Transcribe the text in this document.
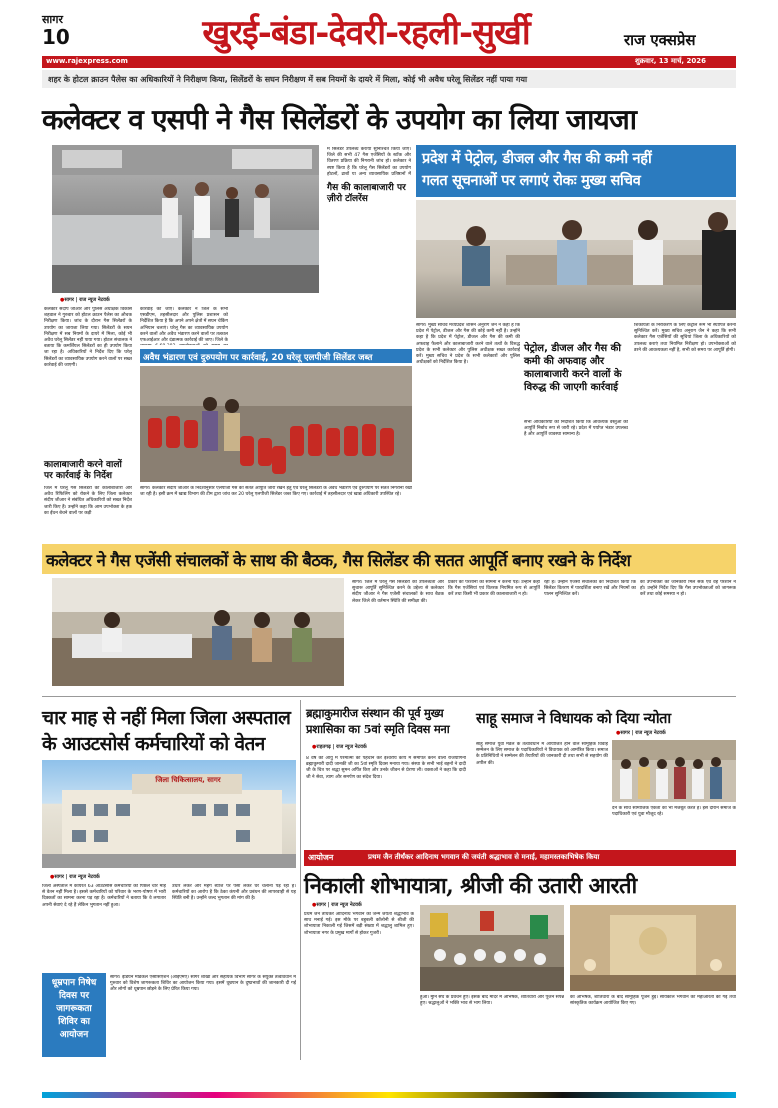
सागर
10	खुरई-बंडा-देवरी-रहली-सुर्खी	राज एक्सप्रेस
www.rajexpress.com	शुक्रवार, 13 मार्च, 2026
शहर के होटल क्राउन पैलेस का अधिकारियों ने निरीक्षण किया, सिलेंडरों के सघन निरीक्षण में सब नियमों के दायरे में मिला, कोई भी अवैध घरेलू सिलेंडर नहीं पाया गया
कलेक्टर व एसपी ने गैस सिलेंडरों के उपयोग का लिया जायजा
● सागर | राज न्यूज नेटवर्क
कलेक्टर संदीप जीआर और पुलिस अधीक्षक विकास शहवाल ने गुरुवार को होटल क्राउन पैलेस का औचक निरीक्षण किया। जांच के दौरान गैस सिलेंडरों के उपयोग का जायजा लिया गया। सिलेंडरों के सघन निरीक्षण में सब नियमों के दायरे में मिला, कोई भी अवैध घरेलू सिलेंडर नहीं पाया गया। होटल संचालक ने बताया कि कमर्शियल सिलेंडरों का ही उपयोग किया जा रहा है। अधिकारियों ने निर्देश दिए कि घरेलू सिलेंडरों का व्यावसायिक उपयोग करने वालों पर सख्त कार्रवाई की जाएगी।
कार्रवाई की जाए। कलेक्टर ने जिले के सभी एसडीएम, तहसीलदार और पुलिस प्रशासन को निर्देशित किया है कि अपने अपने क्षेत्रों में सघन चेकिंग अभियान चलाएं। घरेलू गैस का व्यावसायिक उपयोग करने वालों और अवैध भंडारण करने वालों पर तत्काल एफआईआर और दंडात्मक कार्रवाई की जाए। जिले के
में सिलेंडर उपलब्ध कराया सुनिश्चित किया जाए। जिले की सभी 47 गैस एजेंसियों के स्टॉक और वितरण प्रक्रिया की निगरानी जांच हो। कलेक्टर ने स्पष्ट किया है कि घरेलू गैस सिलेंडरों का उपयोग होटलों, ढाबों या अन्य व्यावसायिक प्रतिष्ठानों में
गैस की कालाबाजारी पर ज़ीरो टॉलरेंस
कालाबाजारी करने वालों पर कार्रवाई के निर्देश
जिले में घरेलू गैस सिलेंडरों की कालाबाजारी और अवैध रिफिलिंग को रोकने के लिए जिला कलेक्टर संदीप जीआर ने संबंधित अधिकारियों को सख्त निर्देश जारी किए हैं। उन्होंने कहा कि आम उपभोक्ता के हक का ईंधन बेचने वालों पर कड़ी
प्रदेश में पेट्रोल, डीजल और गैस की कमी नहीं
गलत सूचनाओं पर लगाएं रोकः मुख्य सचिव
सागर। मुख्य सचिव मध्यप्रदेश शासन अनुराग जैन ने कहा है कि प्रदेश में पेट्रोल, डीजल और गैस की कोई कमी नहीं है। उन्होंने कहा है कि प्रदेश में पेट्रोल, डीजल और गैस की कमी की अफवाह फैलाने और कालाबाजारी करने वाले तत्वों के विरुद्ध प्रदेश के सभी कलेक्टर और पुलिस अधीक्षक सख्त कार्रवाई करें। मुख्य सचिव ने प्रदेश के सभी कलेक्टरों और पुलिस अधीक्षकों को निर्देशित किया है।
पेट्रोल, डीजल और गैस की कमी की अफवाह और कालाबाजारी करने वालों के विरुद्ध की जाएगी कार्रवाई
सभी अधिकारियों को निर्देशित किया कि आवश्यक वस्तुओं की आपूर्ति निर्बाध रूप से जारी रहे। प्रदेश में पर्याप्त भंडार उपलब्ध है और आपूर्ति व्यवस्था सामान्य है।
शिकायतों के निराकरण के लिए कंट्रोल रूम भी स्थापित करना सुनिश्चित करें। मुख्य सचिव अनुराग जैन ने कहा कि सभी कलेक्टर गैस एजेंसियों की सूचियां जिला के अधिकारियों को उपलब्ध कराएं तथा नियमित निरीक्षण हो। उपभोक्ताओं को डरने की आवश्यकता नहीं है, सभी को समय पर आपूर्ति होगी।
अवैध भंडारण एवं दुरुपयोग पर कार्रवाई, 20 घरेलू एलपीजी सिलेंडर जब्त
सागर। कलेक्टर संदीप जीआर के निर्देशानुसार एलपीजी गैस की सतत आपूर्ति जारी रखने हेतु एवं घरेलू सिलेंडरों के अवैध भंडारण एवं दुरुपयोग पर सतत निगरानी रखी जा रही है। इसी क्रम में खाद्य विभाग की टीम द्वारा जांच कर 20 घरेलू एलपीजी सिलेंडर जब्त किए गए। कार्रवाई में तहसीलदार एवं खाद्य अधिकारी उपस्थित रहे।
कलेक्टर ने गैस एजेंसी संचालकों के साथ की बैठक, गैस सिलेंडर की सतत आपूर्ति बनाए रखने के निर्देश
सागर। जिले में घरेलू गैस सिलेंडरों की उपलब्धता और सुचारू आपूर्ति सुनिश्चित करने के उद्देश्य से कलेक्टर संदीप जीआर ने गैस एजेंसी संचालकों के साथ बैठक लेकर जिले की वर्तमान स्थिति की समीक्षा की।
प्रकार की परेशानी का सामना न करना पड़े। उन्होंने कहा कि गैस एजेंसियां एवं वितरक नियमित रूप से आपूर्ति करें तथा किसी भी प्रकार की कालाबाजारी न हो।
रही है। उन्होंने एजेंसी संचालकों को निर्देशित किया कि सिलेंडर वितरण में पारदर्शिता बनाए रखें और नियमों का पालन सुनिश्चित करें।
की उपभोक्ता को जानकारी मिल सके एवं वह परेशान न हो। उन्होंने निर्देश दिए कि गैस उपभोक्ताओं को जागरूक करें तथा कोई समस्या न हो।
चार माह से नहीं मिला जिला अस्पताल
के आउटसोर्स कर्मचारियों को वेतन
जिला चिकित्सालय, सागर
● सागर | राज न्यूज नेटवर्क
जिला अस्पताल में कार्यरत 63 आउटसोर्स कर्मचारियों को पिछले चार माह से वेतन नहीं मिला है। इससे कर्मचारियों को परिवार के भरण-पोषण में भारी दिक्कतों का सामना करना पड़ रहा है। कर्मचारियों ने बताया कि वे लगातार अपनी सेवाएं दे रहे हैं लेकिन भुगतान नहीं हुआ।
उधार लेकर और महंगे ब्याज पर पैसा लेकर घर चलाना पड़ रहा है। कर्मचारियों का आरोप है कि ठेका कंपनी और प्रबंधन की लापरवाही से यह स्थिति बनी है। उन्होंने जल्द भुगतान की मांग की है।
धूम्रपान निषेध दिवस पर जागरूकता शिविर का आयोजन
सागर। इंडियन मेडिकल एसोसिएशन (आईएमए) सागर शाखा और सहायक विभाग सागर के संयुक्त तत्वावधान में गुरुवार को विशेष जागरूकता शिविर का आयोजन किया गया। इसमें धूम्रपान के दुष्प्रभावों की जानकारी दी गई और लोगों को धूम्रपान छोड़ने के लिए प्रेरित किया गया।
ब्रह्माकुमारीज संस्थान की पूर्व मुख्य
प्रशासिका का 5वां स्मृति दिवस मना
● राहतगढ़ | राज न्यूज नेटवर्क
8 वर्ष की आयु में परमात्मा को पहचान कर ईश्वरीय कार्य में समर्पित करने वाली राजयोगिनी ब्रह्माकुमारी दादी जानकी जी का 5वां स्मृति दिवस मनाया गया। संस्था के सभी भाई बहनों ने दादी जी के चित्र पर श्रद्धा सुमन अर्पित किए और उनके जीवन से प्रेरणा ली। वक्ताओं ने कहा कि दादी जी ने सेवा, त्याग और समर्पण का संदेश दिया।
साहू समाज ने विधायक को दिया न्योता
● सागर | राज न्यूज नेटवर्क
साहू समाज युवा मंडल के तत्वावधान में आयोजित होने वाले सामूहिक विवाह सम्मेलन के लिए समाज के पदाधिकारियों ने विधायक को आमंत्रित किया। समाज के प्रतिनिधियों ने सम्मेलन की तैयारियों की जानकारी दी तथा सभी से सहयोग की अपील की।
देने के साथ सामाजिक एकता को भी मजबूत करते हैं। इस दौरान समाज के पदाधिकारी एवं युवा मौजूद रहे।
आयोजन	प्रथम जैन तीर्थंकर आदिनाथ भगवान की जयंती श्रद्धाभाव से मनाई, महामस्तकाभिषेक किया
निकाली शोभायात्रा, श्रीजी की उतारी आरती
● सागर | राज न्यूज नेटवर्क
प्रथम जैन तीर्थंकर आदिनाथ भगवान का जन्म जयंती श्रद्धाभाव के साथ मनाई गई। इस मौके पर बहुबली कॉलोनी से श्रीजी की शोभायात्रा निकाली गई जिसमें बड़ी संख्या में श्रद्धालु शामिल हुए। शोभायात्रा नगर के प्रमुख मार्गों से होकर गुजरी।
हुआ। मुनि संघ के प्रवचन हुए। इसके बाद मंदिर में अभिषेक, शांतिधारा और पूजन संपन्न हुए। श्रद्धालुओं ने भक्ति भाव से भाग लिया।
का अभिषेक, शांतिधारा के बाद सामूहिक पूजन हुई। सायंकाल भगवान की महाआरती की गई तथा सांस्कृतिक कार्यक्रम आयोजित किए गए।
